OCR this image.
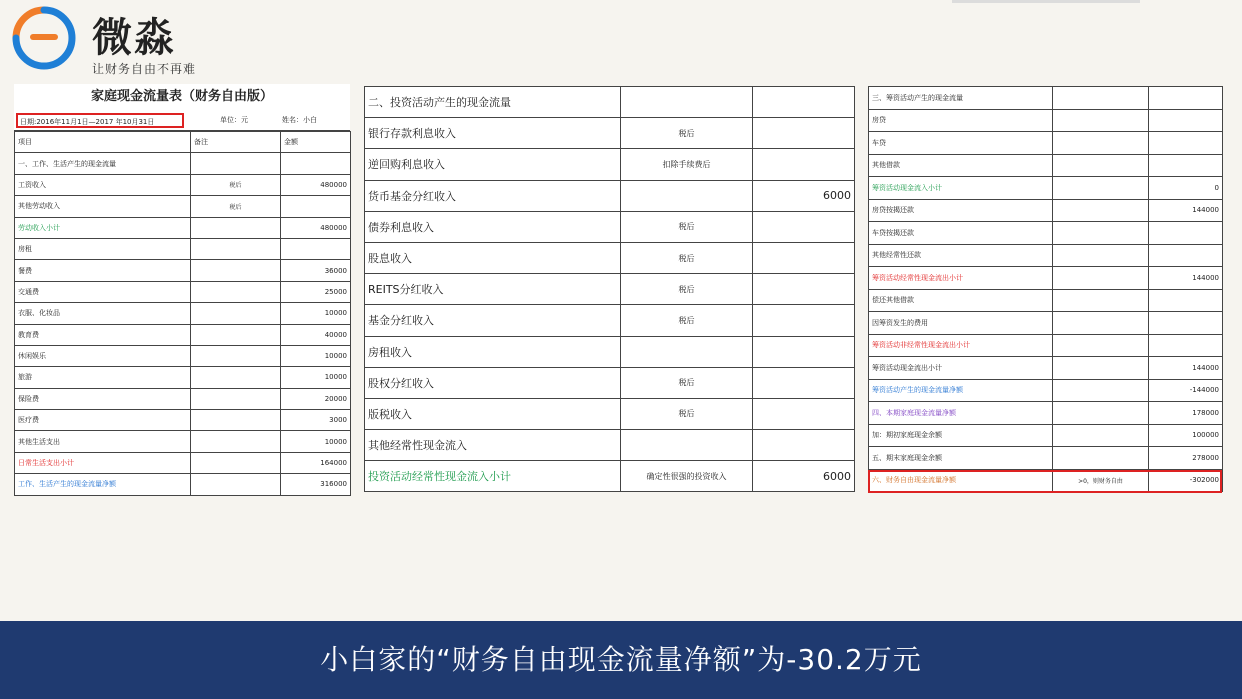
微淼
让财务自由不再难
家庭现金流量表（财务自由版）
日期:2016年11月1日—2017 年10月31日	单位：元	姓名：小白
项目	备注	金额
一、工作、生活产生的现金流量		
工资收入	税后	480000
其他劳动收入	税后	
劳动收入小计		480000
房租		
餐费		36000
交通费		25000
衣服、化妆品		10000
教育费		40000
休闲娱乐		10000
旅游		10000
保险费		20000
医疗费		3000
其他生活支出		10000
日常生活支出小计		164000
工作、生活产生的现金流量净额		316000
二、投资活动产生的现金流量		
银行存款利息收入	税后	
逆回购利息收入	扣除手续费后	
货币基金分红收入		6000
债券利息收入	税后	
股息收入	税后	
REITS分红收入	税后	
基金分红收入	税后	
房租收入		
股权分红收入	税后	
版税收入	税后	
其他经常性现金流入		
投资活动经常性现金流入小计	确定性很强的投资收入	6000
三、筹资活动产生的现金流量		
房贷		
车贷		
其他借款		
筹资活动现金流入小计		0
房贷按揭还款		144000
车贷按揭还款		
其他经常性还款		
筹资活动经常性现金流出小计		144000
偿还其他借款		
因筹资发生的费用		
筹资活动非经常性现金流出小计		
筹资活动现金流出小计		144000
筹资活动产生的现金流量净额		-144000
四、本期家庭现金流量净额		178000
加：期初家庭现金余额		100000
五、期末家庭现金余额		278000
六、财务自由现金流量净额	>0，则财务自由	-302000
小白家的“财务自由现金流量净额”为-30.2万元
